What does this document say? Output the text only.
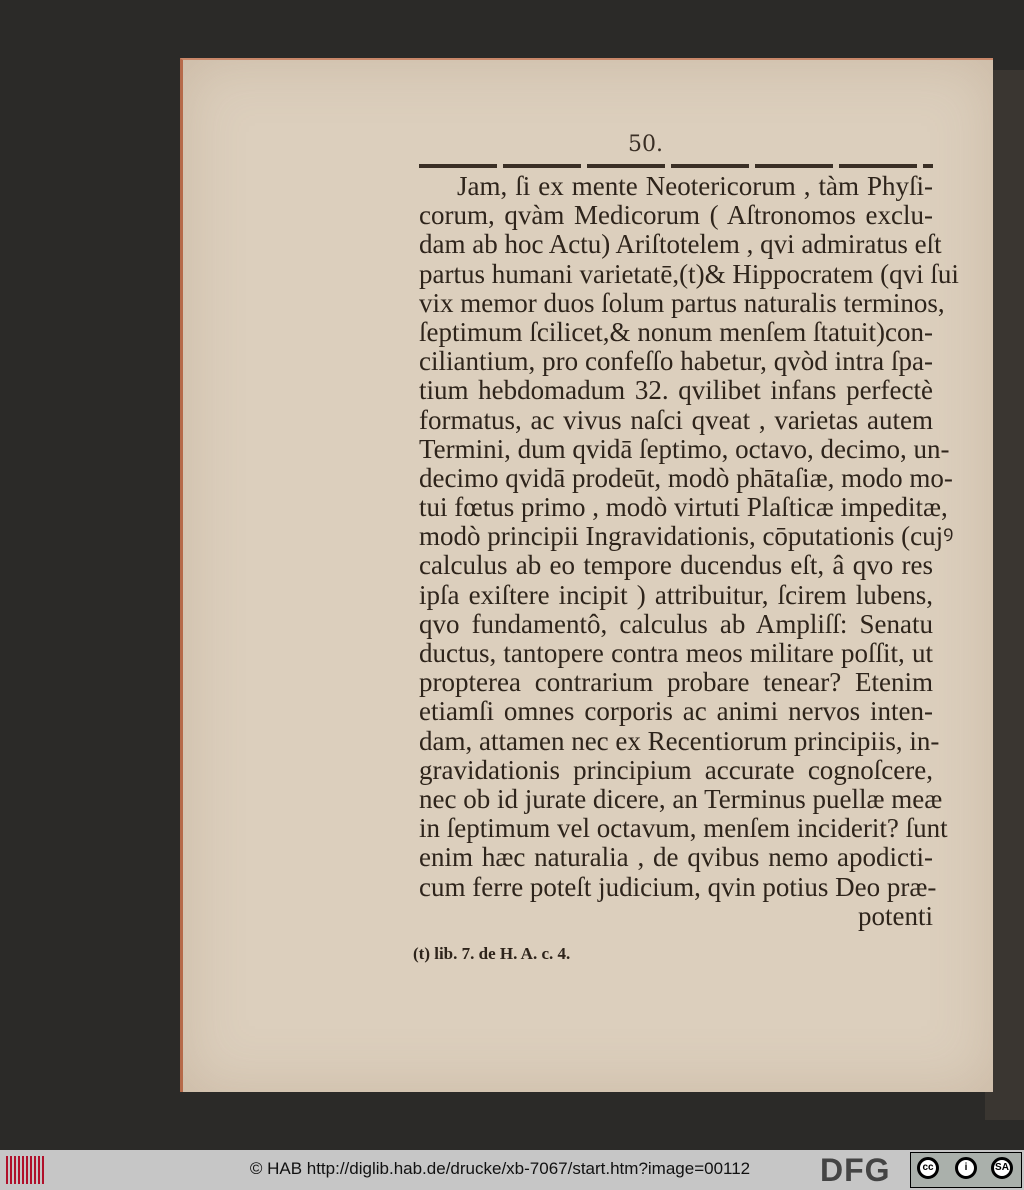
50.
Jam, ſi ex mente Neotericorum , tàm Phyſi-
corum, qvàm Medicorum ( Aſtronomos exclu-
dam ab hoc Actu) Ariſtotelem , qvi admiratus eſt
partus humani varietatē,(t)& Hippocratem (qvi ſui
vix memor duos ſolum partus naturalis terminos,
ſeptimum ſcilicet,& nonum menſem ſtatuit)con-
ciliantium, pro confeſſo habetur, qvòd intra ſpa-
tium hebdomadum 32. qvilibet infans perfectè
formatus, ac vivus naſci qveat , varietas autem
Termini, dum qvidā ſeptimo, octavo, decimo, un-
decimo qvidā prodeūt, modò phātaſiæ, modo mo-
tui fœtus primo , modò virtuti Plaſticæ impeditæ,
modò principii Ingravidationis, cōputationis (cujꝰ
calculus ab eo tempore ducendus eſt, â qvo res
ipſa exiſtere incipit ) attribuitur, ſcirem lubens,
qvo fundamentô, calculus ab Ampliſſ: Senatu
ductus, tantopere contra meos militare poſſit, ut
propterea contrarium probare tenear? Etenim
etiamſi omnes corporis ac animi nervos inten-
dam, attamen nec ex Recentiorum principiis, in-
gravidationis principium accurate cognoſcere,
nec ob id jurate dicere, an Terminus puellæ meæ
in ſeptimum vel octavum, menſem inciderit? ſunt
enim hæc naturalia , de qvibus nemo apodicti-
cum ferre poteſt judicium, qvin potius Deo præ-
potenti
(t) lib. 7. de H. A. c. 4.
© HAB http://diglib.hab.de/drucke/xb-7067/start.htm?image=00112	DFG	cc	i	SA
